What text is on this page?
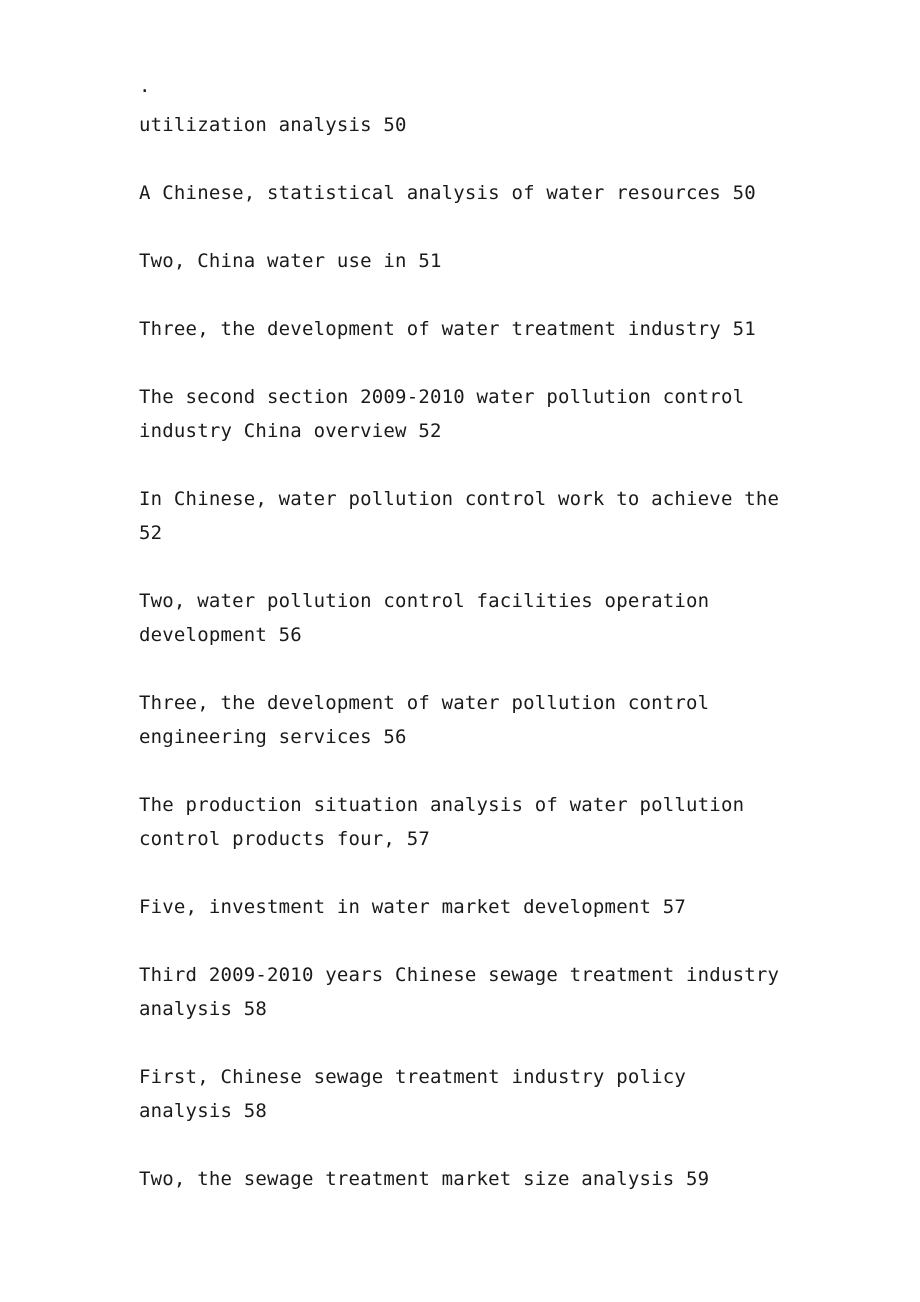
.
utilization analysis 50
A Chinese, statistical analysis of water resources 50
Two, China water use in 51
Three, the development of water treatment industry 51
The second section 2009-2010 water pollution control industry China overview 52
In Chinese, water pollution control work to achieve the 52
Two, water pollution control facilities operation development 56
Three, the development of water pollution control engineering services 56
The production situation analysis of water pollution control products four, 57
Five, investment in water market development 57
Third 2009-2010 years Chinese sewage treatment industry analysis 58
First, Chinese sewage treatment industry policy analysis 58
Two, the sewage treatment market size analysis 59
